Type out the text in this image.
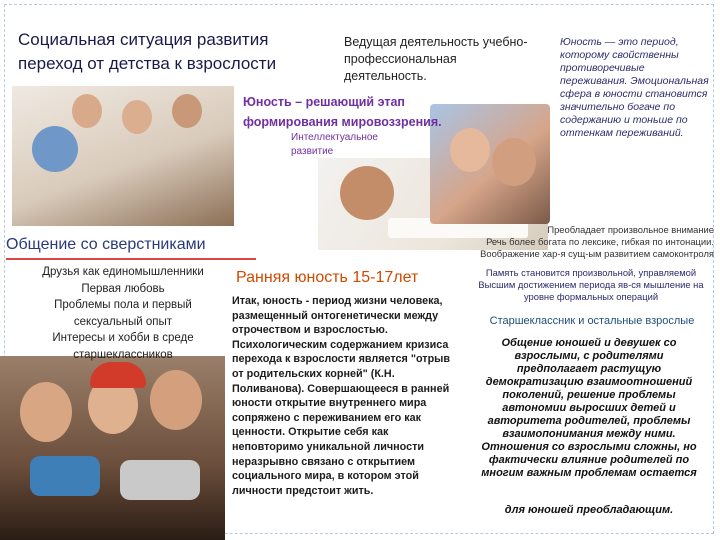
Социальная ситуация развития
переход от детства к взрослости
Ведущая деятельность учебно- профессиональная деятельность.
Юность – решающий этап формирования мировоззрения.
Интеллектуальное развитие
Юность — это период, которому свойственны противоречивые переживания. Эмоциональная сфера в юности становится значительно богаче по содержанию и тоньше по оттенкам переживаний.
Общение со сверстниками
Друзья как единомышленники
Первая любовь
Проблемы пола и первый сексуальный опыт
Интересы и хобби в среде старшеклассников
Ранняя юность 15-17лет
Итак, юность - период жизни человека, размещенный онтогенетически между отрочеством и взрослостью. Психологическим содержанием кризиса перехода к взрослости является "отрыв от родительских корней" (К.Н. Поливанова). Совершающееся в ранней юности открытие внутреннего мира сопряжено с переживанием его как ценности. Открытие себя как неповторимо уникальной личности неразрывно связано с открытием социального мира, в котором этой личности предстоит жить.
Преобладает произвольное внимание
Речь более богата по лексике, гибкая по интонации.
Воображение хар-я сущ-ым развитием самоконтроля
Память становится произвольной, управляемой
Высшим достижением периода яв-ся мышление на уровне формальных операций
Старшеклассник и остальные взрослые
Общение юношей и девушек со взрослыми, с родителями предполагает растущую демократизацию взаимоотношений поколений, решение проблемы автономии выросших детей и авторитета родителей, проблемы взаимопонимания между ними. Отношения со взрослыми сложны, но фактически влияние родителей по многим важным проблемам остается
для юношей преобладающим.
